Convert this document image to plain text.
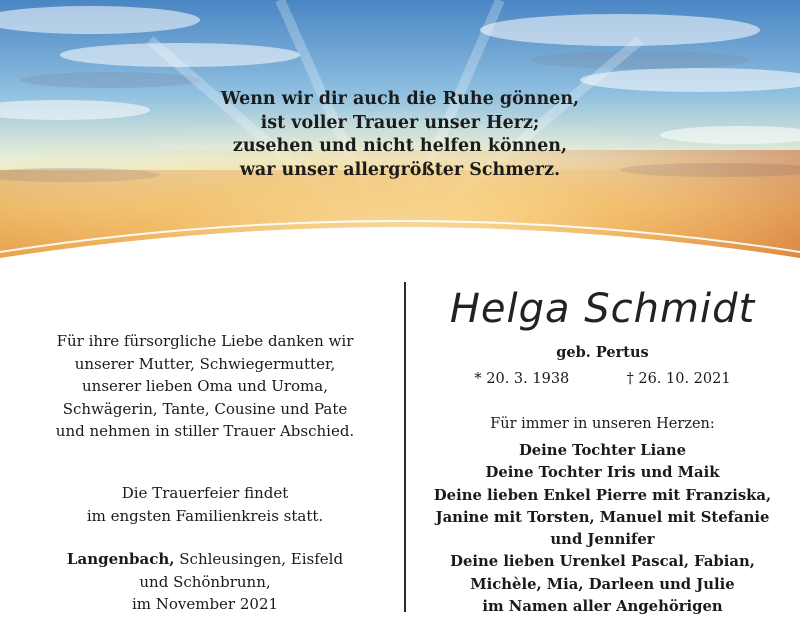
Wenn wir dir auch die Ruhe gönnen,
ist voller Trauer unser Herz;
zusehen und nicht helfen können,
war unser allergrößter Schmerz.
Für ihre fürsorgliche Liebe danken wir
unserer Mutter, Schwiegermutter,
unserer lieben Oma und Uroma,
Schwägerin, Tante, Cousine und Pate
und nehmen in stiller Trauer Abschied.
Die Trauerfeier findet
im engsten Familienkreis statt.
Langenbach, Schleusingen, Eisfeld
und Schönbrunn,
im November 2021
Helga Schmidt
geb. Pertus
* 20. 3. 1938	† 26. 10. 2021
Für immer in unseren Herzen:
Deine Tochter Liane
Deine Tochter Iris und Maik
Deine lieben Enkel Pierre mit Franziska,
Janine mit Torsten, Manuel mit Stefanie
und Jennifer
Deine lieben Urenkel Pascal, Fabian,
Michèle, Mia, Darleen und Julie
im Namen aller Angehörigen
